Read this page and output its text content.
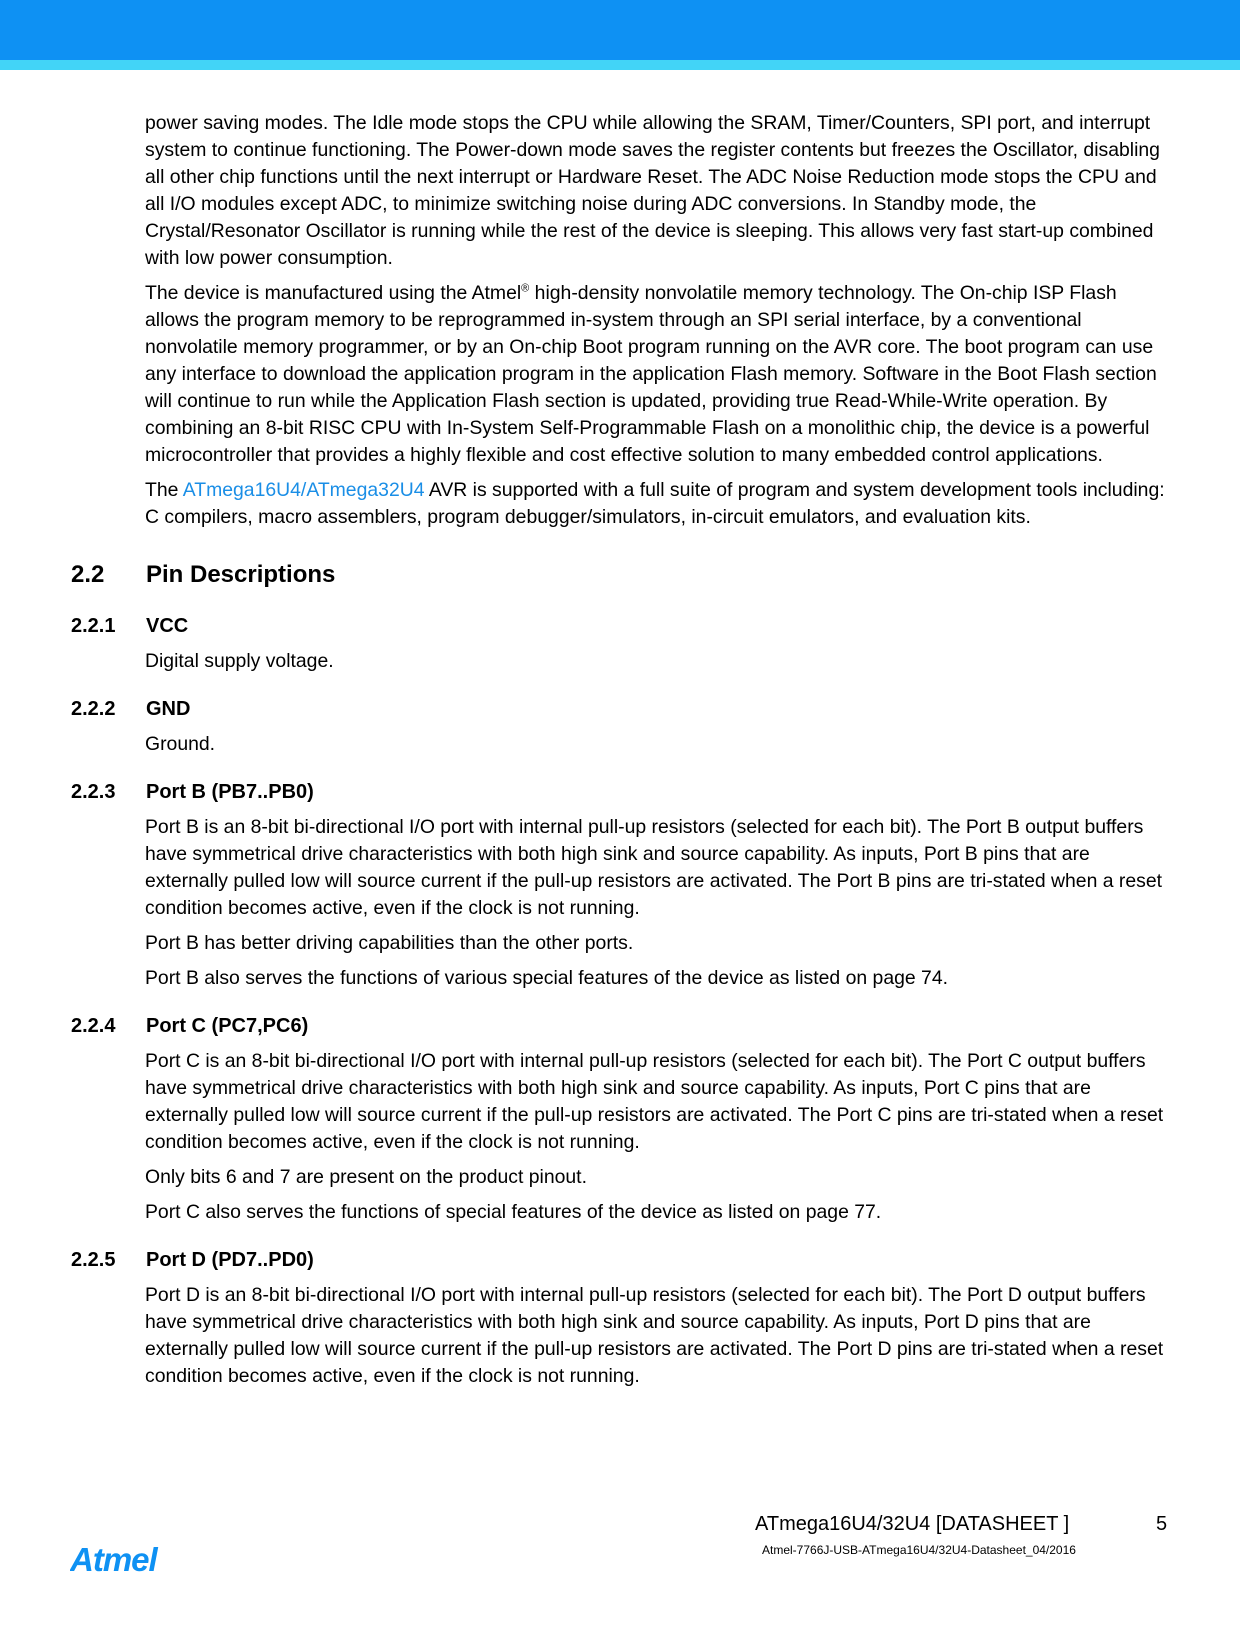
power saving modes. The Idle mode stops the CPU while allowing the SRAM, Timer/Counters, SPI port, and interrupt system to continue functioning. The Power-down mode saves the register contents but freezes the Oscillator, disabling all other chip functions until the next interrupt or Hardware Reset. The ADC Noise Reduction mode stops the CPU and all I/O modules except ADC, to minimize switching noise during ADC conversions. In Standby mode, the Crystal/Resonator Oscillator is running while the rest of the device is sleeping. This allows very fast start-up combined with low power consumption.

The device is manufactured using the Atmel® high-density nonvolatile memory technology. The On-chip ISP Flash allows the program memory to be reprogrammed in-system through an SPI serial interface, by a conventional nonvolatile memory programmer, or by an On-chip Boot program running on the AVR core. The boot program can use any interface to download the application program in the application Flash memory. Software in the Boot Flash section will continue to run while the Application Flash section is updated, providing true Read-While-Write operation. By combining an 8-bit RISC CPU with In-System Self-Programmable Flash on a monolithic chip, the device is a powerful microcontroller that provides a highly flexible and cost effective solution to many embedded control applications.

The ATmega16U4/ATmega32U4 AVR is supported with a full suite of program and system development tools including: C compilers, macro assemblers, program debugger/simulators, in-circuit emulators, and evaluation kits.

2.2 Pin Descriptions
2.2.1 VCC

Digital supply voltage.

2.2.2 GND

Ground.

2.2.3 Port B (PB7..PB0)

Port B is an 8-bit bi-directional I/O port with internal pull-up resistors (selected for each bit). The Port B output buffers have symmetrical drive characteristics with both high sink and source capability. As inputs, Port B pins that are externally pulled low will source current if the pull-up resistors are activated. The Port B pins are tri-stated when a reset condition becomes active, even if the clock is not running.

Port B has better driving capabilities than the other ports.

Port B also serves the functions of various special features of the device as listed on page 74.

2.2.4 Port C (PC7,PC6)

Port C is an 8-bit bi-directional I/O port with internal pull-up resistors (selected for each bit). The Port C output buffers have symmetrical drive characteristics with both high sink and source capability. As inputs, Port C pins that are externally pulled low will source current if the pull-up resistors are activated. The Port C pins are tri-stated when a reset condition becomes active, even if the clock is not running.

Only bits 6 and 7 are present on the product pinout.

Port C also serves the functions of special features of the device as listed on page 77.

2.2.5 Port D (PD7..PD0)

Port D is an 8-bit bi-directional I/O port with internal pull-up resistors (selected for each bit). The Port D output buffers have symmetrical drive characteristics with both high sink and source capability. As inputs, Port D pins that are externally pulled low will source current if the pull-up resistors are activated. The Port D pins are tri-stated when a reset condition becomes active, even if the clock is not running.

Atmel
ATmega16U4/32U4 [DATASHEET ]	5
Atmel-7766J-USB-ATmega16U4/32U4-Datasheet_04/2016
